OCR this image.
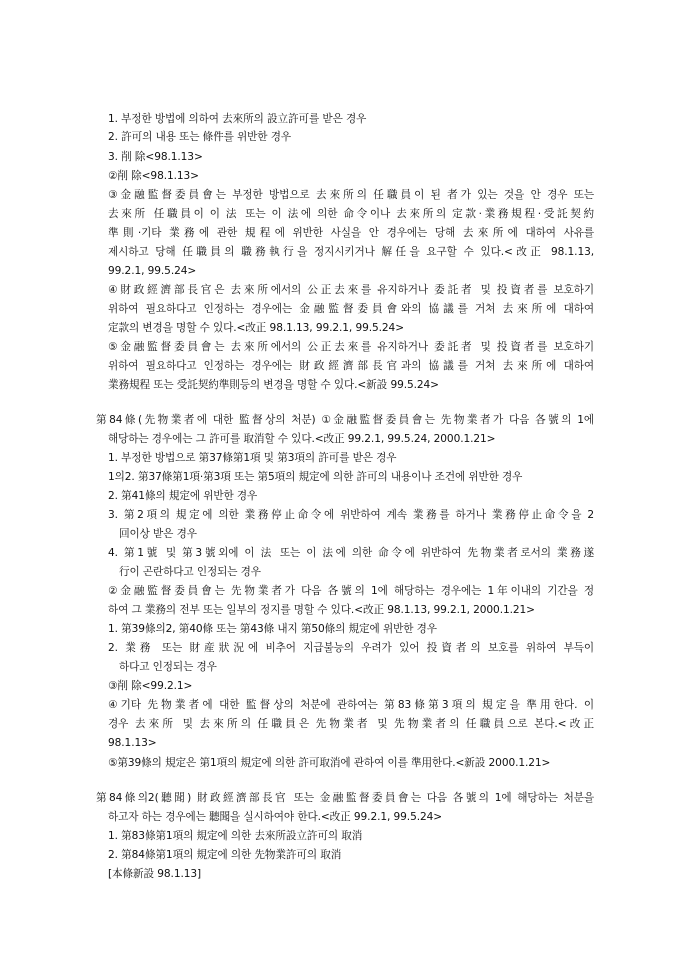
1. 부정한 방법에 의하여 去來所의 設立許可를 받은 경우
2. 許可의 내용 또는 條件를 위반한 경우
3. 削 除<98.1.13>
②削 除<98.1.13>
③金融監督委員會는 부정한 방법으로 去來所의 任職員이 된 者가 있는 것을 안 경우 또는
去來所 任職員이 이 法 또는 이 法에 의한 命令이나 去來所의 定款·業務規程·受託契約
準則·기타 業務에 관한 規程에 위반한 사실을 안 경우에는 당해 去來所에 대하여 사유를
제시하고 당해 任職員의 職務執行을 정지시키거나 解任을 요구할 수 있다.<改正 98.1.13,
99.2.1, 99.5.24>
④財政經濟部長官은 去來所에서의 公正去來를 유지하거나 委託者 및 投資者를 보호하기
위하여 필요하다고 인정하는 경우에는 金融監督委員會와의 協議를 거쳐 去來所에 대하여
定款의 변경을 명할 수 있다.<改正 98.1.13, 99.2.1, 99.5.24>
⑤金融監督委員會는 去來所에서의 公正去來를 유지하거나 委託者 및 投資者를 보호하기
위하여 필요하다고 인정하는 경우에는 財政經濟部長官과의 協議를 거쳐 去來所에 대하여
業務規程 또는 受託契約準則등의 변경을 명할 수 있다.<新設 99.5.24>
第84條(先物業者에 대한 監督상의 처분) ①金融監督委員會는 先物業者가 다음 各號의 1에
해당하는 경우에는 그 許可를 取消할 수 있다.<改正 99.2.1, 99.5.24, 2000.1.21>
1. 부정한 방법으로 第37條第1項 및 第3項의 許可를 받은 경우
1의2. 第37條第1項·第3項 또는 第5項의 規定에 의한 許可의 내용이나 조건에 위반한 경우
2. 第41條의 規定에 위반한 경우
3. 第2項의 規定에 의한 業務停止命令에 위반하여 계속 業務를 하거나 業務停止命令을 2
回이상 받은 경우
4. 第1號 및 第3號외에 이 法 또는 이 法에 의한 命令에 위반하여 先物業者로서의 業務遂
行이 곤란하다고 인정되는 경우
②金融監督委員會는 先物業者가 다음 各號의 1에 해당하는 경우에는 1年이내의 기간을 정
하여 그 業務의 전부 또는 일부의 정지를 명할 수 있다.<改正 98.1.13, 99.2.1, 2000.1.21>
1. 第39條의2, 第40條 또는 第43條 내지 第50條의 規定에 위반한 경우
2. 業務 또는 財産狀況에 비추어 지급불능의 우려가 있어 投資者의 보호를 위하여 부득이
하다고 인정되는 경우
③削 除<99.2.1>
④기타 先物業者에 대한 監督상의 처분에 관하여는 第83條第3項의 規定을 準用한다. 이
경우 去來所 및 去來所의 任職員은 先物業者 및 先物業者의 任職員으로 본다.<改正
98.1.13>
⑤第39條의 規定은 第1項의 規定에 의한 許可取消에 관하여 이를 準用한다.<新設 2000.1.21>
第84條의2(聽聞) 財政經濟部長官 또는 金融監督委員會는 다음 各號의 1에 해당하는 처분을
하고자 하는 경우에는 聽聞을 실시하여야 한다.<改正 99.2.1, 99.5.24>
1. 第83條第1項의 規定에 의한 去來所設立許可의 取消
2. 第84條第1項의 規定에 의한 先物業許可의 取消
[本條新設 98.1.13]
